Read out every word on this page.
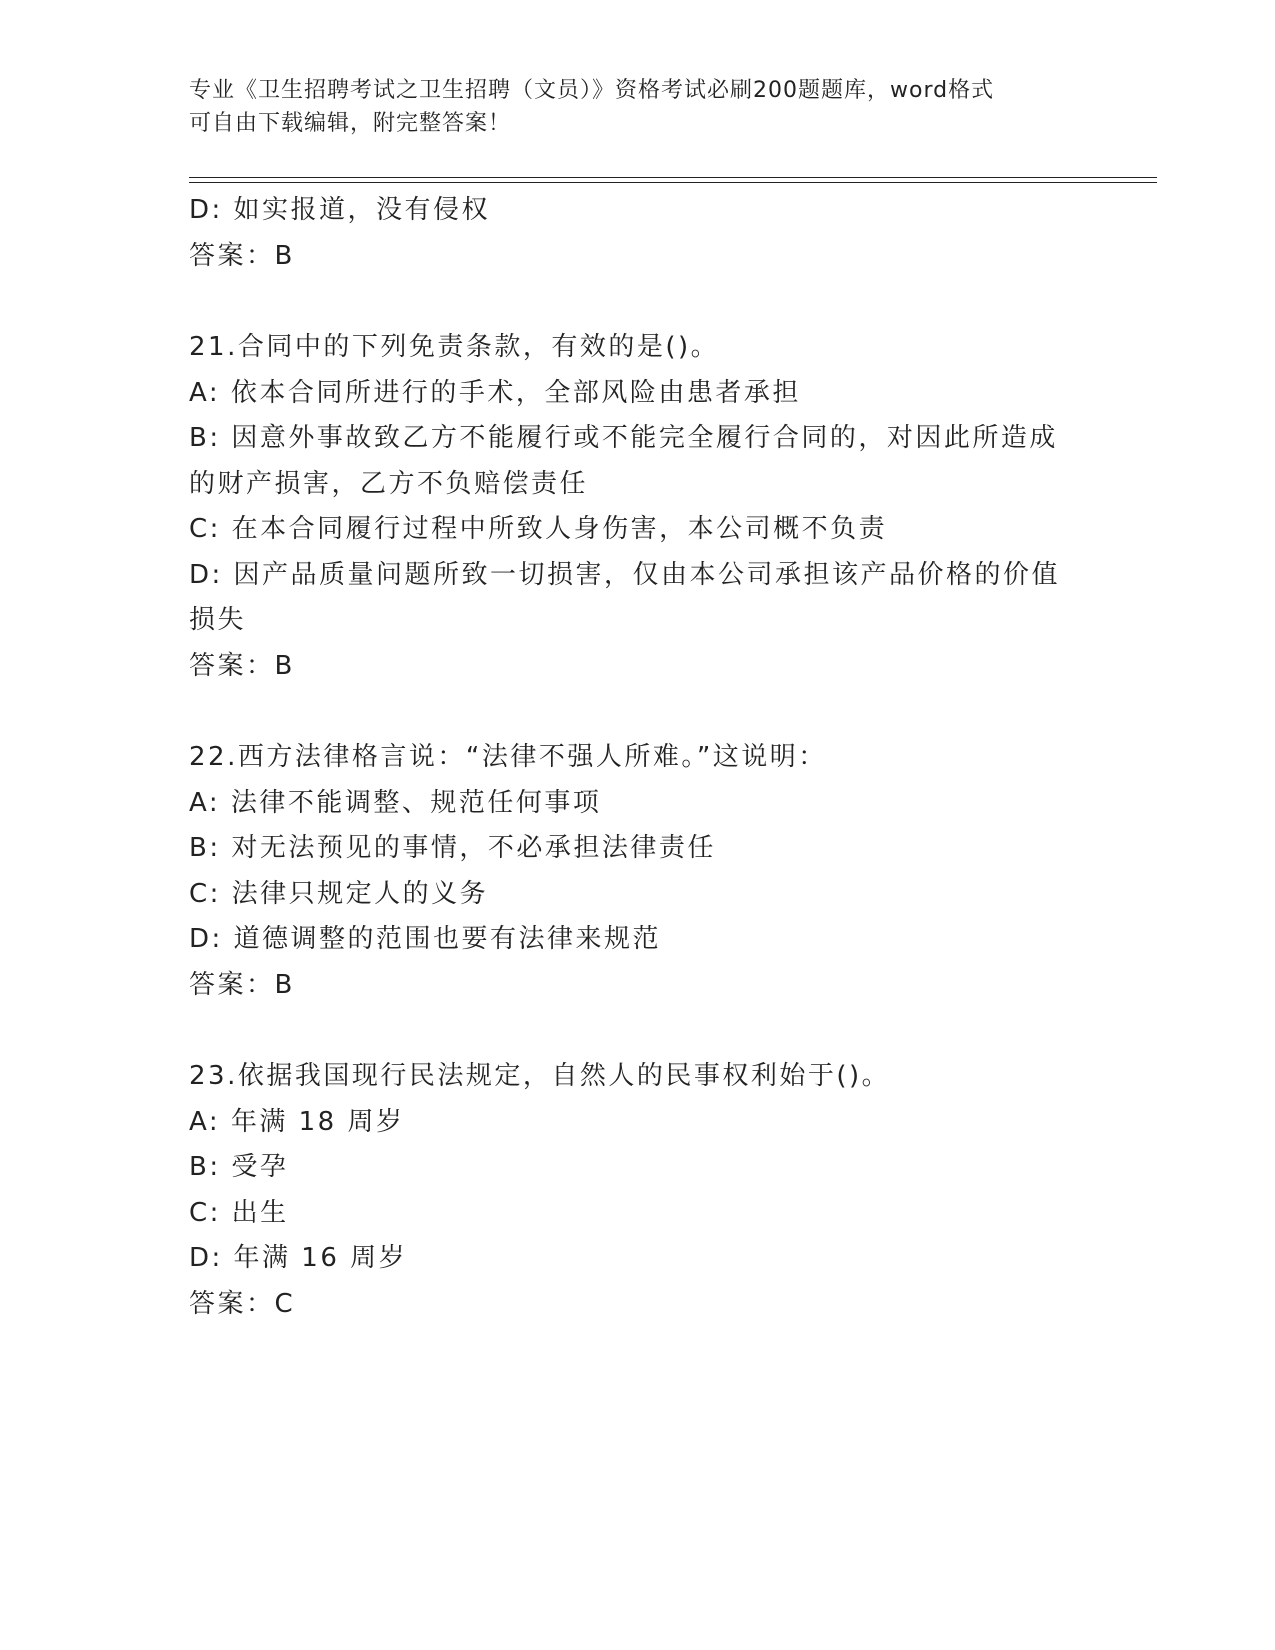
专业《卫生招聘考试之卫生招聘（文员）》资格考试必刷200题题库，word格式
可自由下载编辑，附完整答案！
D: 如实报道，没有侵权
答案：B
21.合同中的下列免责条款，有效的是()。
A: 依本合同所进行的手术，全部风险由患者承担
B: 因意外事故致乙方不能履行或不能完全履行合同的，对因此所造成
的财产损害，乙方不负赔偿责任
C: 在本合同履行过程中所致人身伤害，本公司概不负责
D: 因产品质量问题所致一切损害，仅由本公司承担该产品价格的价值
损失
答案：B
22.西方法律格言说：“法律不强人所难。”这说明：
A: 法律不能调整、规范任何事项
B: 对无法预见的事情，不必承担法律责任
C: 法律只规定人的义务
D: 道德调整的范围也要有法律来规范
答案：B
23.依据我国现行民法规定，自然人的民事权利始于()。
A: 年满 18 周岁
B: 受孕
C: 出生
D: 年满 16 周岁
答案：C
